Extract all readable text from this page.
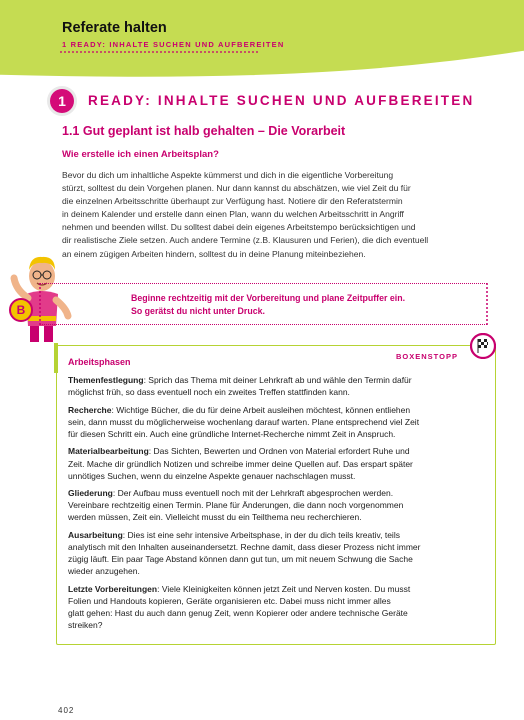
Referate halten
1 READY: INHALTE SUCHEN UND AUFBEREITEN
1	READY: INHALTE SUCHEN UND AUFBEREITEN
1.1 Gut geplant ist halb gehalten – Die Vorarbeit
Wie erstelle ich einen Arbeitsplan?
Bevor du dich um inhaltliche Aspekte kümmerst und dich in die eigentliche Vorbereitung
stürzt, solltest du dein Vorgehen planen. Nur dann kannst du abschätzen, wie viel Zeit du für
die einzelnen Arbeitsschritte überhaupt zur Verfügung hast. Notiere dir den Referatstermin
in deinem Kalender und erstelle dann einen Plan, wann du welchen Arbeitsschritt in Angriff
nehmen und beenden willst. Du solltest dabei dein eigenes Arbeitstempo berücksichtigen und
dir realistische Ziele setzen. Auch andere Termine (z.B. Klausuren und Ferien), die dich eventuell
an einem zügigen Arbeiten hindern, solltest du in deine Planung miteinbeziehen.
B
Beginne rechtzeitig mit der Vorbereitung und plane Zeitpuffer ein.
So gerätst du nicht unter Druck.
BOXENSTOPP
Arbeitsphasen
Themenfestlegung: Sprich das Thema mit deiner Lehrkraft ab und wähle den Termin dafür
möglichst früh, so dass eventuell noch ein zweites Treffen stattfinden kann.
Recherche: Wichtige Bücher, die du für deine Arbeit ausleihen möchtest, können entliehen
sein, dann musst du möglicherweise wochenlang darauf warten. Plane entsprechend viel Zeit
für diesen Schritt ein. Auch eine gründliche Internet-Recherche nimmt Zeit in Anspruch.
Materialbearbeitung: Das Sichten, Bewerten und Ordnen von Material erfordert Ruhe und
Zeit. Mache dir gründlich Notizen und schreibe immer deine Quellen auf. Das erspart später
unnötiges Suchen, wenn du einzelne Aspekte genauer nachschlagen musst.
Gliederung: Der Aufbau muss eventuell noch mit der Lehrkraft abgesprochen werden.
Vereinbare rechtzeitig einen Termin. Plane für Änderungen, die dann noch vorgenommen
werden müssen, Zeit ein. Vielleicht musst du ein Teilthema neu recherchieren.
Ausarbeitung: Dies ist eine sehr intensive Arbeitsphase, in der du dich teils kreativ, teils
analytisch mit den Inhalten auseinandersetzt. Rechne damit, dass dieser Prozess nicht immer
zügig läuft. Ein paar Tage Abstand können dann gut tun, um mit neuem Schwung die Sache
wieder anzugehen.
Letzte Vorbereitungen: Viele Kleinigkeiten können jetzt Zeit und Nerven kosten. Du musst
Folien und Handouts kopieren, Geräte organisieren etc. Dabei muss nicht immer alles
glatt gehen: Hast du auch dann genug Zeit, wenn Kopierer oder andere technische Geräte
streiken?
402
